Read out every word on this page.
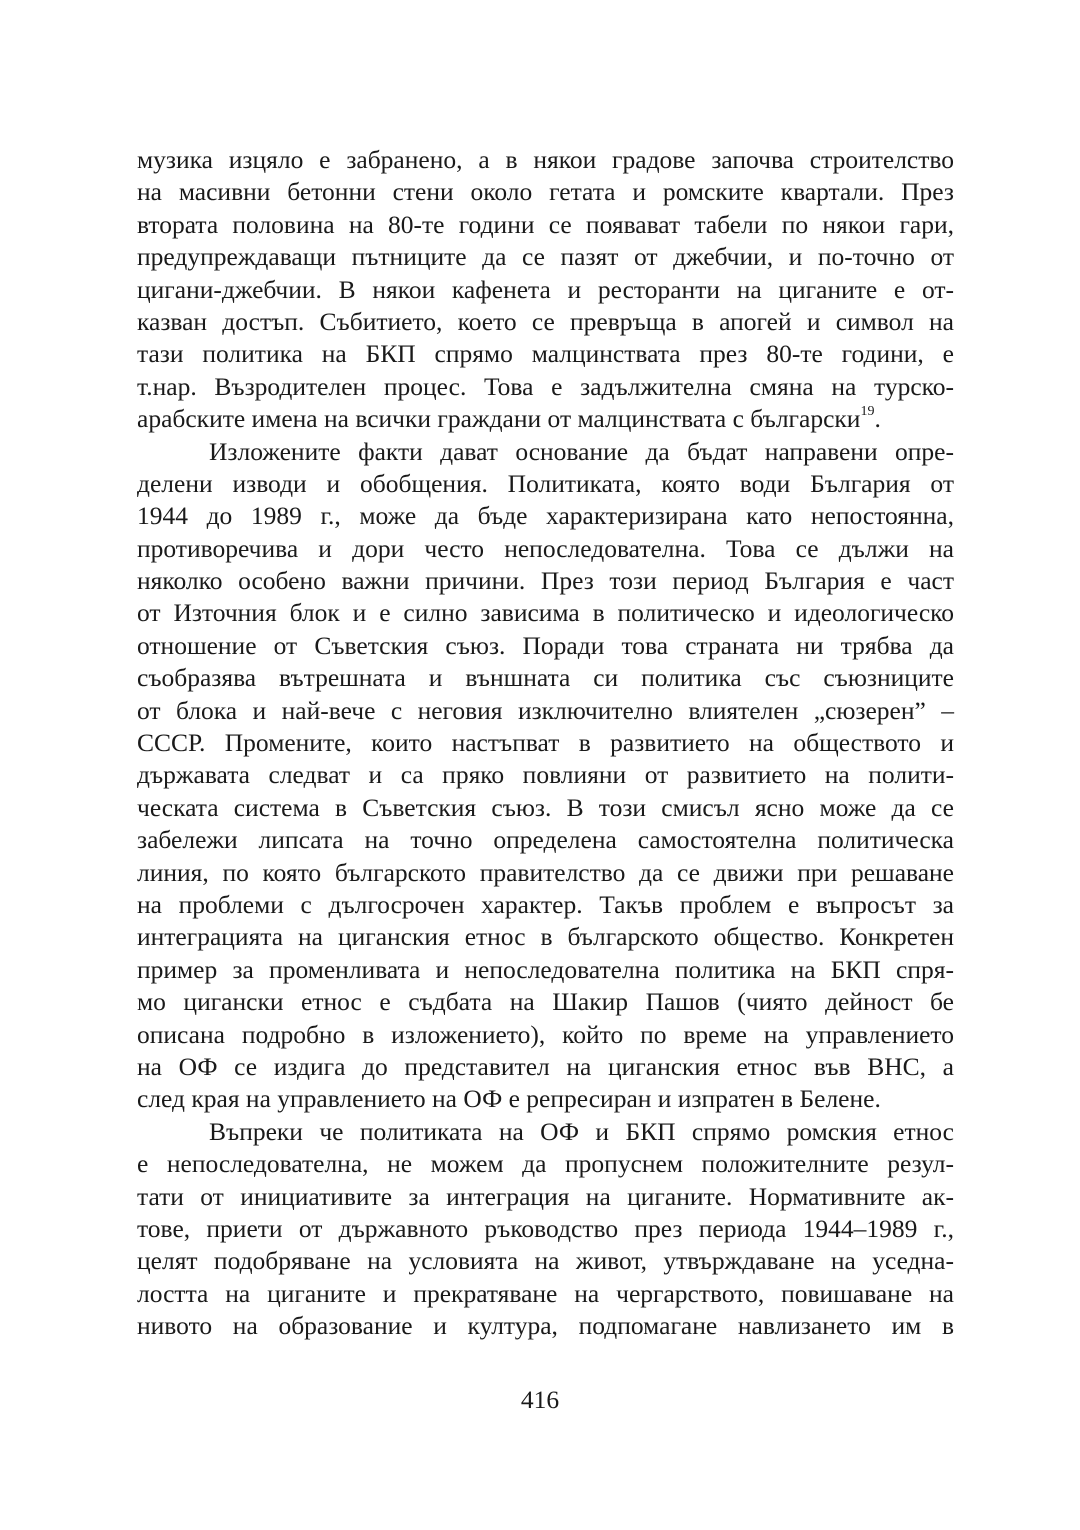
музика изцяло е забранено, а в някои градове започва строителство
на масивни бетонни стени около гетата и ромските квартали. През
втората половина на 80-те години се появават табели по някои гари,
предупреждаващи пътниците да се пазят от джебчии, и по-точно от
цигани-джебчии. В някои кафенета и ресторанти на циганите е от-
казван достъп. Събитието, което се превръща в апогей и символ на
тази политика на БКП спрямо малцинствата през 80-те години, е
т.нар. Възродителен процес. Това е задължителна смяна на турско-
арабските имена на всички граждани от малцинствата с български$^{19}$.

Изложените факти дават основание да бъдат направени опре-
делени изводи и обобщения. Политиката, която води България от
1944 до 1989 г., може да бъде характеризирана като непостоянна,
противоречива и дори често непоследователна. Това се дължи на
няколко особено важни причини. През този период България е част
от Източния блок и е силно зависима в политическо и идеологическо
отношение от Съветския съюз. Поради това страната ни трябва да
съобразява вътрешната и външната си политика със съюзниците
от блока и най-вече с неговия изключително влиятелен „сюзерен” –
СССР. Промените, които настъпват в развитието на обществото и
държавата следват и са пряко повлияни от развитието на полити-
ческата система в Съветския съюз. В този смисъл ясно може да се
забележи липсата на точно определена самостоятелна политическа
линия, по която българското правителство да се движи при решаване
на проблеми с дългосрочен характер. Такъв проблем е въпросът за
интеграцията на циганския етнос в българското общество. Конкретен
пример за променливата и непоследователна политика на БКП спря-
мо цигански етнос е съдбата на Шакир Пашов (чиято дейност бе
описана подробно в изложението), който по време на управлението
на ОФ се издига до представител на циганския етнос във ВНС, а
след края на управлението на ОФ е репресиран и изпратен в Белене.

Въпреки че политиката на ОФ и БКП спрямо ромския етнос
е непоследователна, не можем да пропуснем положителните резул-
тати от инициативите за интеграция на циганите. Нормативните ак-
тове, приети от държавното ръководство през периода 1944–1989 г.,
целят подобряване на условията на живот, утвърждаване на уседна-
лостта на циганите и прекратяване на чергарството, повишаване на
нивото на образование и култура, подпомагане навлизането им в

416
